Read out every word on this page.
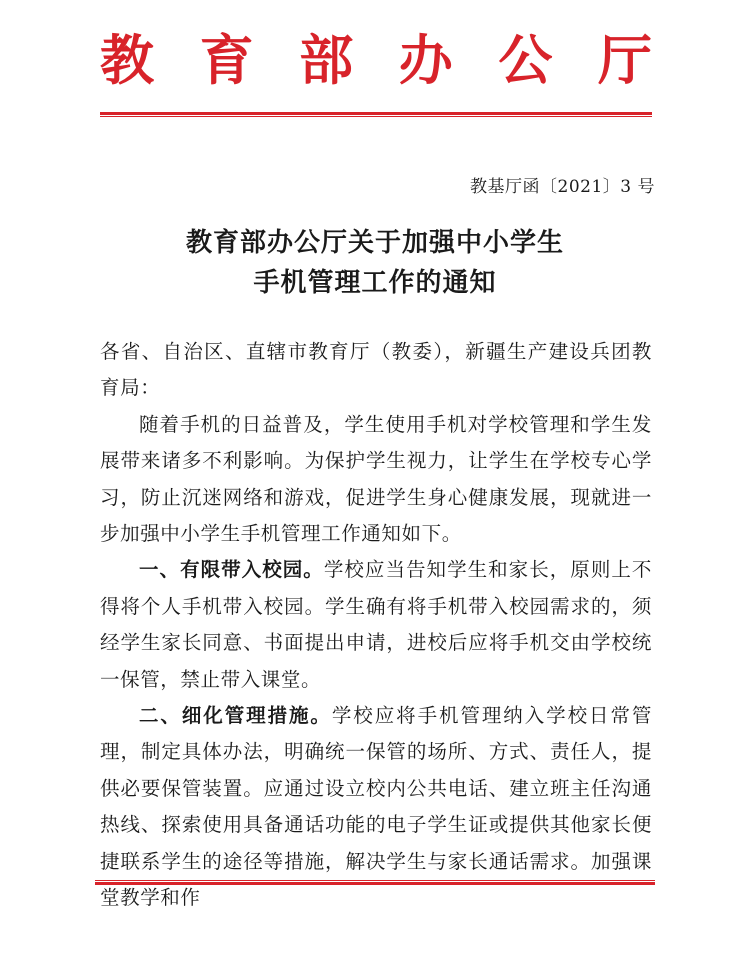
教 育 部 办 公 厅
教基厅函〔2021〕3 号
教育部办公厅关于加强中小学生
手机管理工作的通知

各省、自治区、直辖市教育厅（教委），新疆生产建设兵团教育局：

随着手机的日益普及，学生使用手机对学校管理和学生发展带来诸多不利影响。为保护学生视力，让学生在学校专心学习，防止沉迷网络和游戏，促进学生身心健康发展，现就进一步加强中小学生手机管理工作通知如下。

一、有限带入校园。学校应当告知学生和家长，原则上不得将个人手机带入校园。学生确有将手机带入校园需求的，须经学生家长同意、书面提出申请，进校后应将手机交由学校统一保管，禁止带入课堂。

二、细化管理措施。学校应将手机管理纳入学校日常管理，制定具体办法，明确统一保管的场所、方式、责任人，提供必要保管装置。应通过设立校内公共电话、建立班主任沟通热线、探索使用具备通话功能的电子学生证或提供其他家长便捷联系学生的途径等措施，解决学生与家长通话需求。加强课堂教学和作
